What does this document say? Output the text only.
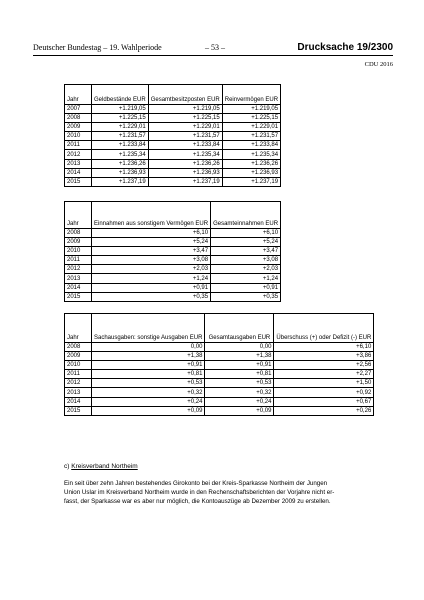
Deutscher Bundestag – 19. Wahlperiode	– 53 –	Drucksache 19/2300
CDU 2016
Jahr	Geldbestände EUR	Gesamtbesitzposten EUR	Reinvermögen EUR
2007	+1.219,05	+1.219,05	+1.219,05
2008	+1.225,15	+1.225,15	+1.225,15
2009	+1.229,01	+1.229,01	+1.229,01
2010	+1.231,57	+1.231,57	+1.231,57
2011	+1.233,84	+1.233,84	+1.233,84
2012	+1.235,34	+1.235,34	+1.235,34
2013	+1.236,26	+1.236,26	+1.236,26
2014	+1.236,93	+1.236,93	+1.236,93
2015	+1.237,19	+1.237,19	+1.237,19
Jahr	Einnahmen aus sonstigem Vermögen EUR	Gesamteinnahmen EUR
2008	+6,10	+6,10
2009	+5,24	+5,24
2010	+3,47	+3,47
2011	+3,08	+3,08
2012	+2,03	+2,03
2013	+1,24	+1,24
2014	+0,91	+0,91
2015	+0,35	+0,35
Jahr	Sachausgaben: sonstige Ausgaben EUR	Gesamtausgaben EUR	Überschuss (+) oder Defizit (-) EUR
2008	0,00	0,00	+6,10
2009	+1,38	+1,38	+3,86
2010	+0,91	+0,91	+2,56
2011	+0,81	+0,81	+2,27
2012	+0,53	+0,53	+1,50
2013	+0,32	+0,32	+0,92
2014	+0,24	+0,24	+0,67
2015	+0,09	+0,09	+0,26
c) Kreisverband Northeim
Ein seit über zehn Jahren bestehendes Girokonto bei der Kreis-Sparkasse Northeim der Jungen
Union Uslar im Kreisverband Northeim wurde in den Rechenschaftsberichten der Vorjahre nicht er-
fasst, der Sparkasse war es aber nur möglich, die Kontoauszüge ab Dezember 2009 zu erstellen.
